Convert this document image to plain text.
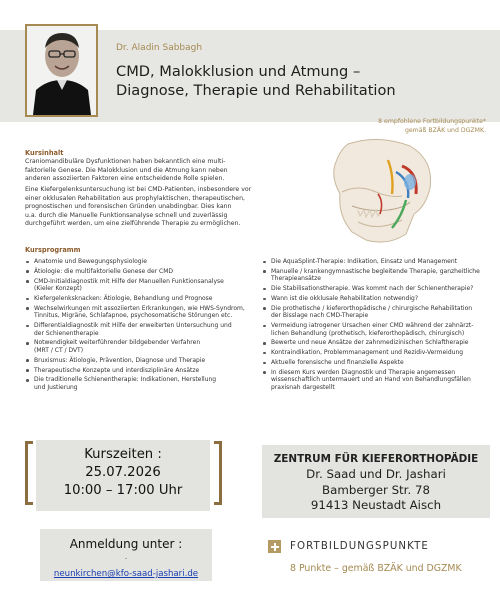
Dr. Aladin Sabbagh
CMD, Malokklusion und Atmung –
Diagnose, Therapie und Rehabilitation
8 empfohlene Fortbildungspunkte*
gemäß BZÄK und DGZMK.
Kursinhalt
Craniomandibuläre Dysfunktionen haben bekanntlich eine multi-
faktorielle Genese. Die Malokklusion und die Atmung kann neben
anderen assoziierten Faktoren eine entscheidende Rolle spielen.
Eine Kiefergelenksuntersuchung ist bei CMD-Patienten, insbesondere vor
einer okklusalen Rehabilitation aus prophylaktischen, therapeutischen,
prognostischen und forensischen Gründen unabdingbar. Dies kann
u.a. durch die Manuelle Funktionsanalyse schnell und zuverlässig
durchgeführt werden, um eine zielführende Therapie zu ermöglichen.
Kursprogramm
Anatomie und Bewegungsphysiologie
Ätiologie: die multifaktorielle Genese der CMD
CMD-Initialdiagnostik mit Hilfe der Manuellen Funktionsanalyse
(Kieler Konzept)
Kiefergelenksknacken: Ätiologie, Behandlung und Prognose
Wechselwirkungen mit assoziierten Erkrankungen, wie HWS-Syndrom,
Tinnitus, Migräne, Schlafapnoe, psychosomatische Störungen etc.
Differentialdiagnostik mit Hilfe der erweiterten Untersuchung und
der Schienentherapie
Notwendigkeit weiterführender bildgebender Verfahren
(MRT / CT / DVT)
Bruxismus: Ätiologie, Prävention, Diagnose und Therapie
Therapeutische Konzepte und interdisziplinäre Ansätze
Die traditionelle Schienentherapie: Indikationen, Herstellung
und Justierung
Die AquaSplint-Therapie: Indikation, Einsatz und Management
Manuelle / krankengymnastische begleitende Therapie, ganzheitliche
Therapieansätze
Die Stabilisationstherapie. Was kommt nach der Schienentherapie?
Wann ist die okklusale Rehabilitation notwendig?
Die prothetische / kieferorthopädische / chirurgische Rehabilitation
der Bisslage nach CMD-Therapie
Vermeidung iatrogener Ursachen einer CMD während der zahnärzt-
lichen Behandlung (prothetisch, kieferorthopädisch, chirurgisch)
Bewerte und neue Ansätze der zahnmedizinischen Schlaftherapie
Kontraindikation, Problemmanagement und Rezidiv-Vermeidung
Aktuelle forensische und finanzielle Aspekte
In diesem Kurs werden Diagnostik und Therapie angemessen
wissenschaftlich untermauert und an Hand von Behandlungsfällen
praxisnah dargestellt
Kurszeiten :
25.07.2026
10:00 – 17:00 Uhr
ZENTRUM FÜR KIEFERORTHOPÄDIE
Dr. Saad und Dr. Jashari
Bamberger Str. 78
91413 Neustadt Aisch
Anmeldung unter :
.
neunkirchen@kfo-saad-jashari.de
FORTBILDUNGSPUNKTE
8 Punkte – gemäß BZÄK und DGZMK
